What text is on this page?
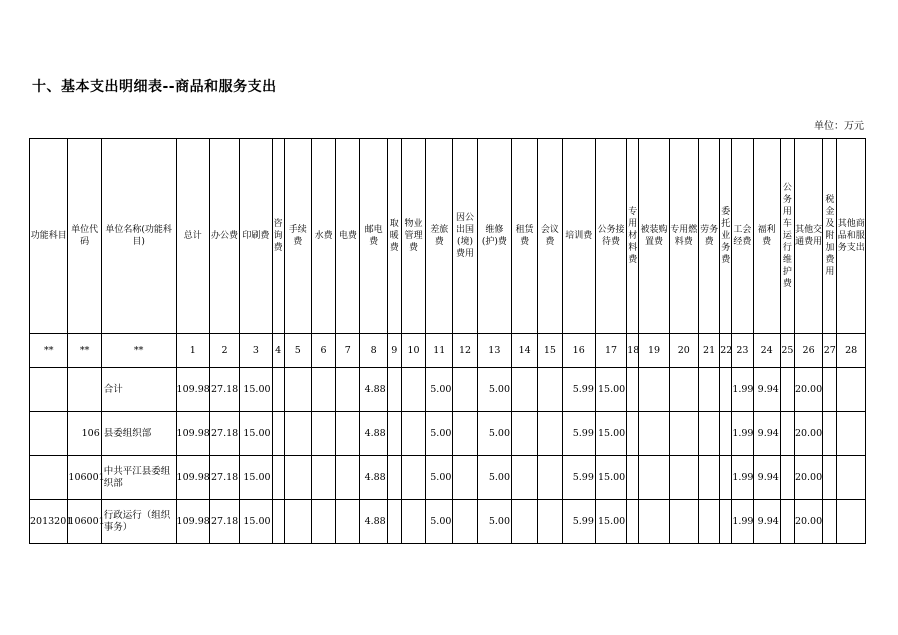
十、基本支出明细表--商品和服务支出
单位：万元
功能科目	单位代码	单位名称(功能科目)	总计	办公费	印刷费	咨询费	手续费	水费	电费	邮电费	取暖费	物业管理费	差旅费	因公出国(境)费用	维修(护)费	租赁费	会议费	培训费	公务接待费	专用材料费	被装购置费	专用燃料费	劳务费	委托业务费	工会经费	福利费	公务用车运行维护费	其他交通费用	税金及附加费用	其他商品和服务支出

**	**	**	1	2	3	4	5	6	7	8	9	10	11	12	13	14	15	16	17	18	19	20	21	22	23	24	25	26	27	28
		合计	109.98	27.18	15.00					4.88			5.00		5.00			5.99	15.00						1.99	9.94		20.00		
	106	县委组织部	109.98	27.18	15.00					4.88			5.00		5.00			5.99	15.00						1.99	9.94		20.00		
	106001	中共平江县委组织部	109.98	27.18	15.00					4.88			5.00		5.00			5.99	15.00						1.99	9.94		20.00		
2013201	106001	行政运行（组织事务）	109.98	27.18	15.00					4.88			5.00		5.00			5.99	15.00						1.99	9.94		20.00		
